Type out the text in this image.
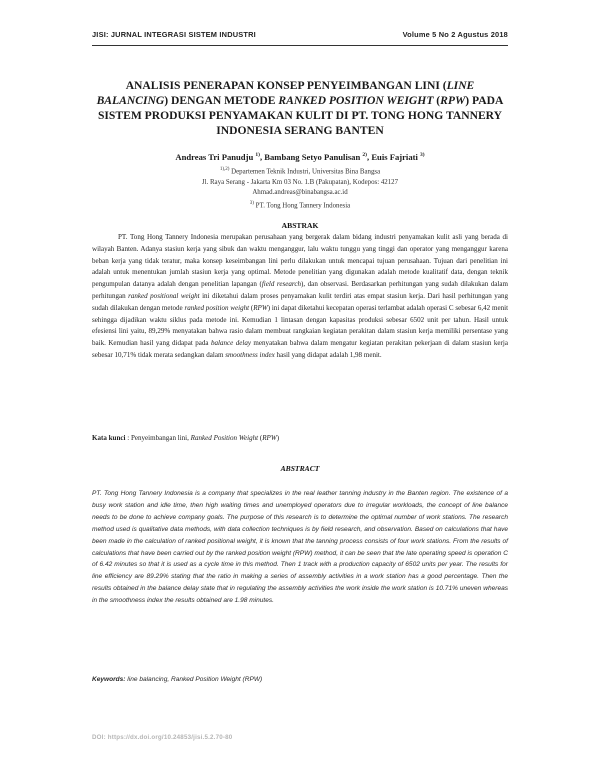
JISI: JURNAL INTEGRASI SISTEM INDUSTRI	Volume 5 No 2 Agustus 2018
ANALISIS PENERAPAN KONSEP PENYEIMBANGAN LINI (LINE BALANCING) DENGAN METODE RANKED POSITION WEIGHT (RPW) PADA SISTEM PRODUKSI PENYAMAKAN KULIT DI PT. TONG HONG TANNERY INDONESIA SERANG BANTEN
Andreas Tri Panudju $^{1)}$, Bambang Setyo Panulisan $^{2)}$, Euis Fajriati $^{3)}$
$^{1),2)}$ Departemen Teknik Industri, Universitas Bina Bangsa
Jl. Raya Serang - Jakarta Km 03 No. 1.B (Pakupatan), Kodepos: 42127
Ahmad.andreas@binabangsa.ac.id
$^{3)}$ PT. Tong Hong Tannery Indonesia
ABSTRAK
PT. Tong Hong Tannery Indonesia merupakan perusahaan yang bergerak dalam bidang industri penyamakan kulit asli yang berada di wilayah Banten. Adanya stasiun kerja yang sibuk dan waktu menganggur, lalu waktu tunggu yang tinggi dan operator yang menganggur karena beban kerja yang tidak teratur, maka konsep keseimbangan lini perlu dilakukan untuk mencapai tujuan perusahaan. Tujuan dari penelitian ini adalah untuk menentukan jumlah stasiun kerja yang optimal. Metode penelitian yang digunakan adalah metode kualitatif data, dengan teknik pengumpulan datanya adalah dengan penelitian lapangan (field research), dan observasi. Berdasarkan perhitungan yang sudah dilakukan dalam perhitungan ranked positional weight ini diketahui dalam proses penyamakan kulit terdiri atas empat stasiun kerja. Dari hasil perhitungan yang sudah dilakukan dengan metode ranked position weight (RPW) ini dapat diketahui kecepatan operasi terlambat adalah operasi C sebesar 6,42 menit sehingga dijadikan waktu siklus pada metode ini. Kemudian 1 lintasan dengan kapasitas produksi sebesar 6502 unit per tahun. Hasil untuk efesiensi lini yaitu, 89,29% menyatakan bahwa rasio dalam membuat rangkaian kegiatan perakitan dalam stasiun kerja memiliki persentase yang baik. Kemudian hasil yang didapat pada balance delay menyatakan bahwa dalam mengatur kegiatan perakitan pekerjaan di dalam stasiun kerja sebesar 10,71% tidak merata sedangkan dalam smoothness index hasil yang didapat adalah 1,98 menit.
Kata kunci : Penyeimbangan lini, Ranked Position Weight (RPW)
ABSTRACT
PT. Tong Hong Tannery Indonesia is a company that specializes in the real leather tanning industry in the Banten region. The existence of a busy work station and idle time, then high waiting times and unemployed operators due to irregular workloads, the concept of line balance needs to be done to achieve company goals. The purpose of this research is to determine the optimal number of work stations. The research method used is qualitative data methods, with data collection techniques is by field research, and observation. Based on calculations that have been made in the calculation of ranked positional weight, it is known that the tanning process consists of four work stations. From the results of calculations that have been carried out by the ranked position weight (RPW) method, it can be seen that the late operating speed is operation C of 6.42 minutes so that it is used as a cycle time in this method. Then 1 track with a production capacity of 6502 units per year. The results for line efficiency are 89.29% stating that the ratio in making a series of assembly activities in a work station has a good percentage. Then the results obtained in the balance delay state that in regulating the assembly activities the work inside the work station is 10.71% uneven whereas in the smoothness index the results obtained are 1.98 minutes.
Keywords: line balancing, Ranked Position Weight (RPW)
DOI: https://dx.doi.org/10.24853/jisi.5.2.70-80
